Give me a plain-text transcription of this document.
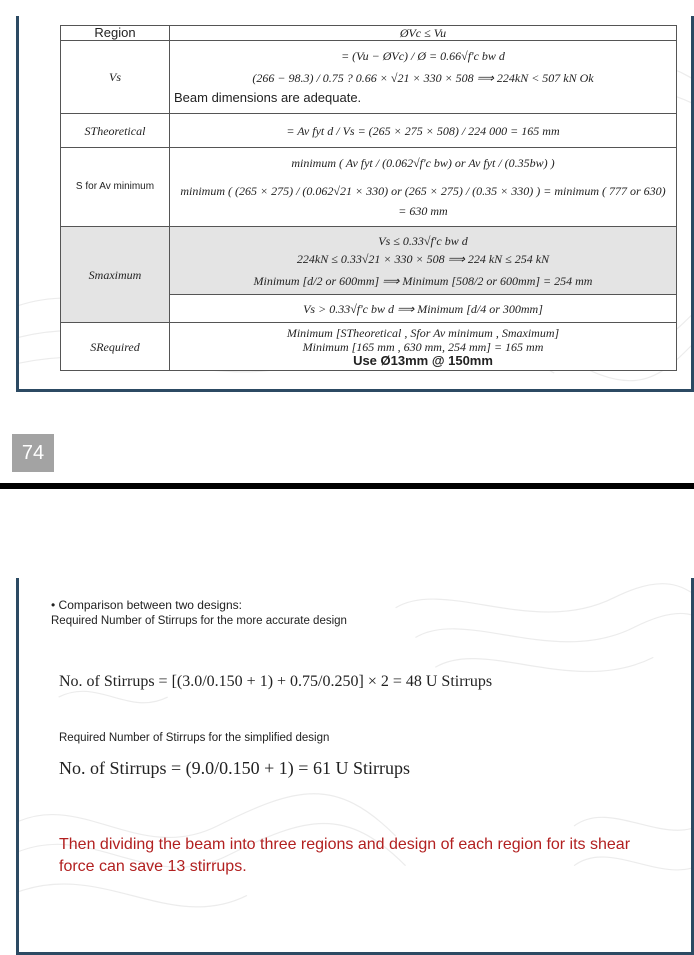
Region	ØVc ≤ Vu
Vs	= (Vu − ØVc) / Ø = 0.66√f'c bw d
(266 − 98.3) / 0.75 ? 0.66 × √21 × 330 × 508 ⟹ 224kN < 507 kN Ok
Beam dimensions are adequate.

STheoretical	= Av fyt d / Vs = (265 × 275 × 508) / 224 000 = 165 mm
S for Av minimum	minimum ( Av fyt / (0.062√f'c bw) or Av fyt / (0.35bw) )
minimum ( (265 × 275) / (0.062√21 × 330) or (265 × 275) / (0.35 × 330) ) = minimum ( 777 or 630)
= 630 mm

Smaximum	Vs ≤ 0.33√f'c bw d
224kN ≤ 0.33√21 × 330 × 508 ⟹ 224 kN ≤ 254 kN
Minimum [d/2 or 600mm] ⟹ Minimum [508/2 or 600mm] = 254 mm

	Vs > 0.33√f'c bw d ⟹ Minimum [d/4 or 300mm]
SRequired	Minimum [STheoretical , Sfor Av minimum , Smaximum]
Minimum [165 mm , 630 mm, 254 mm] = 165 mm
Use Ø13mm @ 150mm
74
• Comparison between two designs:
Required Number of Stirrups for the more accurate design
No. of Stirrups = [(3.0/0.150 + 1) + 0.75/0.250] × 2 = 48 U Stirrups
Required Number of Stirrups for the simplified design
No. of Stirrups = (9.0/0.150 + 1) = 61 U Stirrups
Then dividing the beam into three regions and design of each region for its shear force can save 13 stirrups.
